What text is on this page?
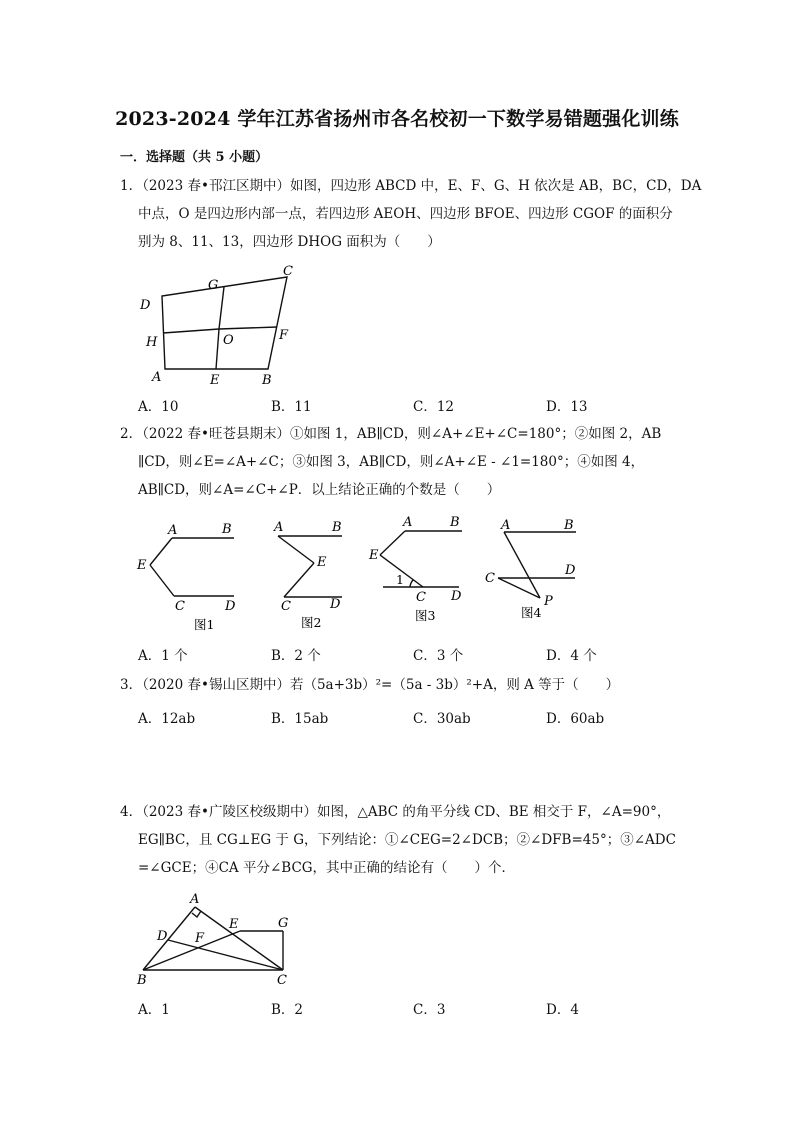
2023-2024 学年江苏省扬州市各名校初一下数学易错题强化训练
一．选择题（共 5 小题）
1．（2023 春•邗江区期中）如图，四边形 ABCD 中，E、F、G、H 依次是 AB，BC，CD，DA
中点，O 是四边形内部一点，若四边形 AEOH、四边形 BFOE、四边形 CGOF 的面积分
别为 8、11、13，四边形 DHOG 面积为（　　）
D
G
C
H	O	F
A	E	B
A．10	B．11	C．12	D．13
2．（2022 春•旺苍县期末）①如图 1，AB∥CD，则∠A+∠E+∠C=180°；②如图 2，AB
∥CD，则∠E=∠A+∠C；③如图 3，AB∥CD，则∠A+∠E - ∠1=180°；④如图 4，
AB∥CD，则∠A=∠C+∠P．以上结论正确的个数是（　　）
A	B
E
C	D
图1
A	B
E
C	D
图2
A	B
E
1
C D
图3
A	B
C
D
P
图4
A．1 个	B．2 个	C．3 个	D．4 个
3．（2020 春•锡山区期中）若（5a+3b）²=（5a - 3b）²+A，则 A 等于（　　）
A．12ab	B．15ab	C．30ab	D．60ab
4．（2023 春•广陵区校级期中）如图，△ABC 的角平分线 CD、BE 相交于 F，∠A=90°，
EG∥BC，且 CG⊥EG 于 G，下列结论：①∠CEG=2∠DCB；②∠DFB=45°；③∠ADC
=∠GCE；④CA 平分∠BCG，其中正确的结论有（　　）个．
A
D
E	G
F
B	C
A．1	B．2	C．3	D．4
